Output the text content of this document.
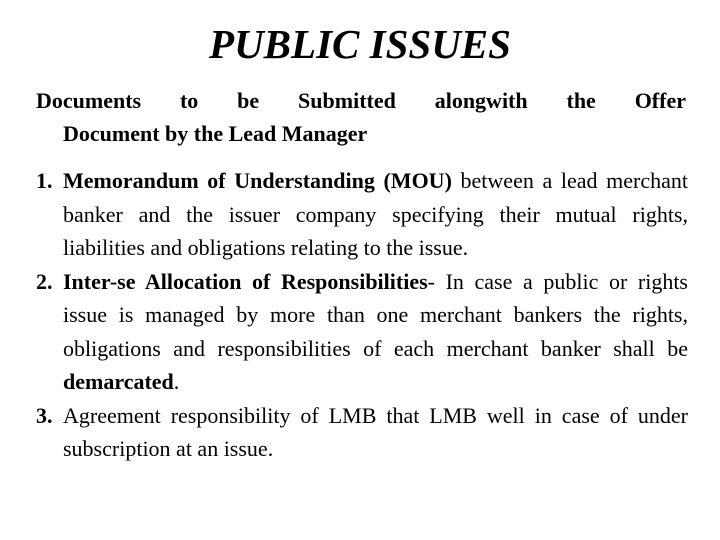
PUBLIC ISSUES
Documents to be Submitted alongwith the Offer
Document by the Lead Manager
1. Memorandum of Understanding (MOU) between a lead merchant banker and the issuer company specifying their mutual rights, liabilities and obligations relating to the issue.
2. Inter-se Allocation of Responsibilities- In case a public or rights issue is managed by more than one merchant bankers the rights, obligations and responsibilities of each merchant banker shall be demarcated.
3. Agreement responsibility of LMB that LMB well in case of under subscription at an issue.
